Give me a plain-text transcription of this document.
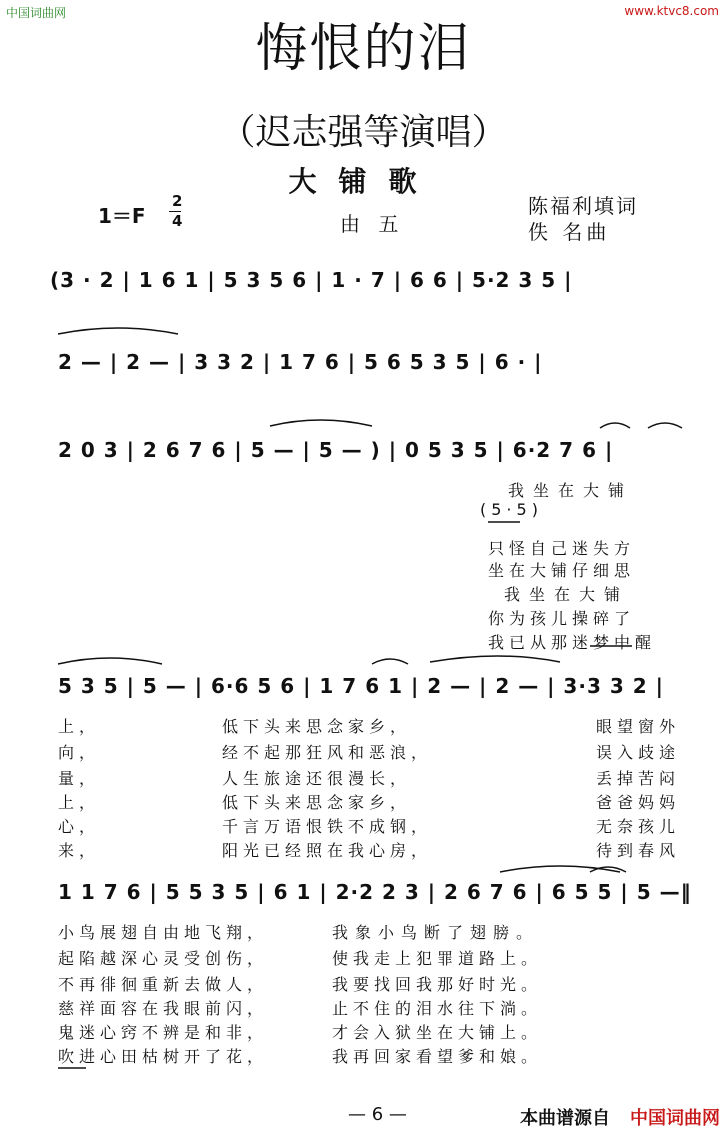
中国词曲网	www.ktvc8.com
悔恨的泪
（迟志强等演唱）
大铺歌
1＝F
2
4	由 五
陈福利填词
佚 名曲
(3 · 2 | 1 6 1 | 5 3 5 6 | 1 · 7 | 6 6 | 5·2 3 5 |
2 — | 2 — | 3 3 2 | 1 7 6 | 5 6 5 3 5 | 6 · |
2 0 3 | 2 6 7 6 | 5 — | 5 — ) | 0 5 3 5 | 6·2 7 6 |
5 3 5 | 5 — | 6·6 5 6 | 1 7 6 1 | 2 — | 2 — | 3·3 3 2 |
1 1 7 6 | 5 5 3 5 | 6 1 | 2·2 2 3 | 2 6 7 6 | 6 5 5 | 5 —‖
我坐在大铺
(5·5)
只怪自己迷失方
坐在大铺仔细思
我坐在大铺
你为孩儿操碎了
我已从那迷梦中醒
上，	低下头来思念家乡，	眼望窗外
向，	经不起那狂风和恶浪，	误入歧途
量，	人生旅途还很漫长，	丢掉苦闷
上，	低下头来思念家乡，	爸爸妈妈
心，	千言万语恨铁不成钢，	无奈孩儿
来，	阳光已经照在我心房，	待到春风
小鸟展翅自由地飞翔，	我象小鸟断了翅膀。
起陷越深心灵受创伤，	使我走上犯罪道路上。
不再徘徊重新去做人，	我要找回我那好时光。
慈祥面容在我眼前闪，	止不住的泪水往下淌。
鬼迷心窍不辨是和非，	才会入狱坐在大铺上。
吹进心田枯树开了花，	我再回家看望爹和娘。
— 6 —	本曲谱源自 中国词曲网
